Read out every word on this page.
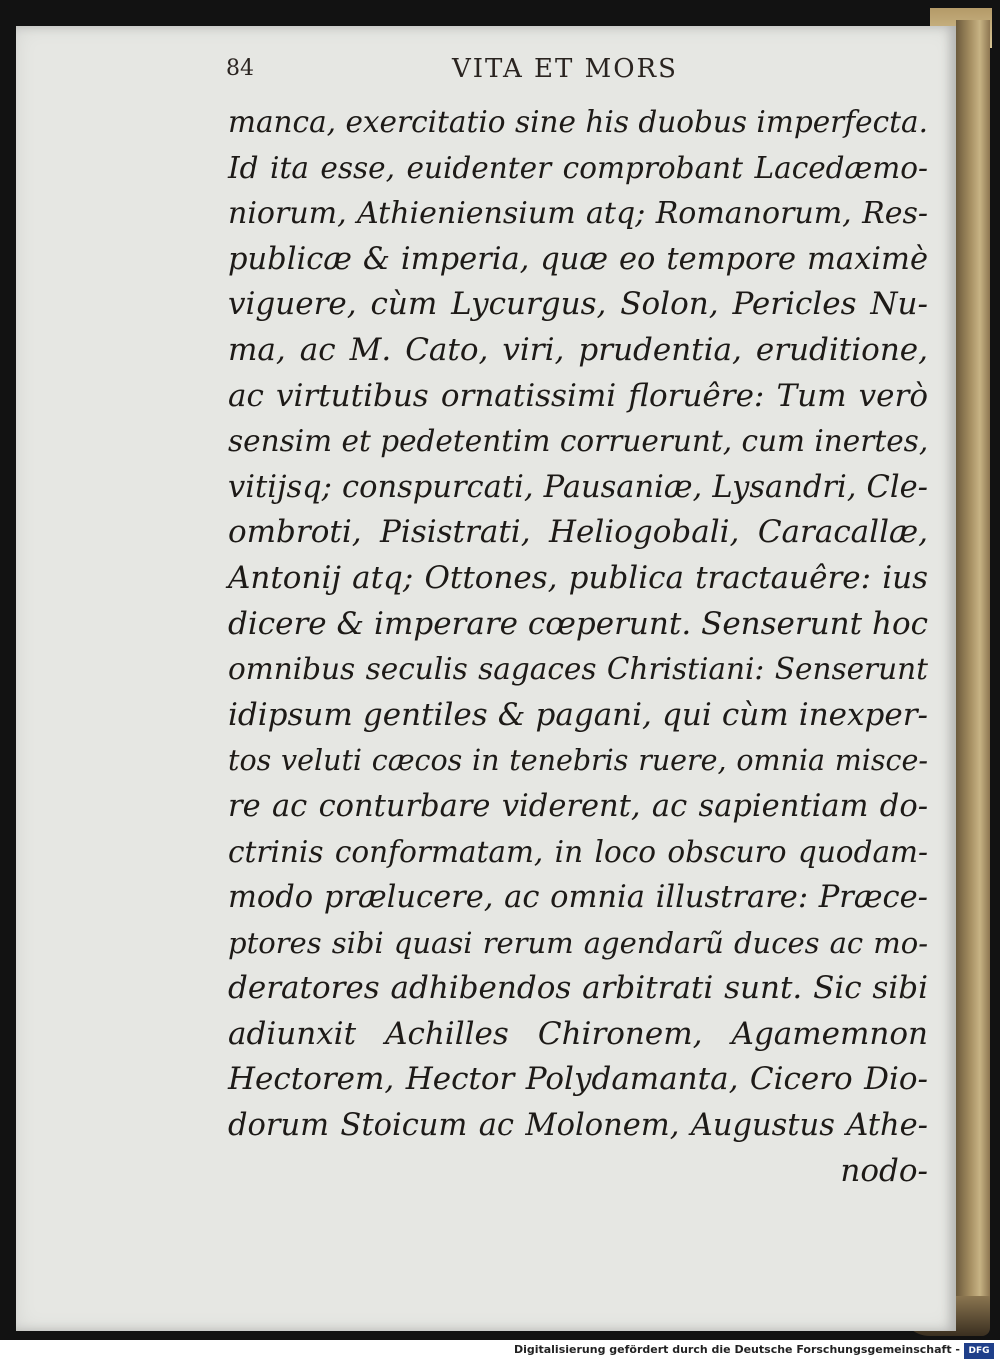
84	VITA ET MORS
manca, exercitatio sine his duobus imperfecta.
Id ita esse, euidenter comprobant Lacedæmo-
niorum, Athieniensium atq; Romanorum, Res-
publicæ & imperia, quæ eo tempore maximè
viguere, cùm Lycurgus, Solon, Pericles Nu-
ma, ac M. Cato, viri, prudentia, eruditione,
ac virtutibus ornatissimi floruêre: Tum verò
sensim et pedetentim corruerunt, cum inertes,
vitijsq; conspurcati, Pausaniæ, Lysandri, Cle-
ombroti, Pisistrati, Heliogobali, Caracallæ,
Antonij atq; Ottones, publica tractauêre: ius
dicere & imperare cœperunt. Senserunt hoc
omnibus seculis sagaces Christiani: Senserunt
idipsum gentiles & pagani, qui cùm inexper-
tos veluti cæcos in tenebris ruere, omnia misce-
re ac conturbare viderent, ac sapientiam do-
ctrinis conformatam, in loco obscuro quodam-
modo prælucere, ac omnia illustrare: Præce-
ptores sibi quasi rerum agendarũ duces ac mo-
deratores adhibendos arbitrati sunt. Sic sibi
adiunxit Achilles Chironem, Agamemnon
Hectorem, Hector Polydamanta, Cicero Dio-
dorum Stoicum ac Molonem, Augustus Athe-
nodo-
Digitalisierung gefördert durch die Deutsche Forschungsgemeinschaft - DFG
